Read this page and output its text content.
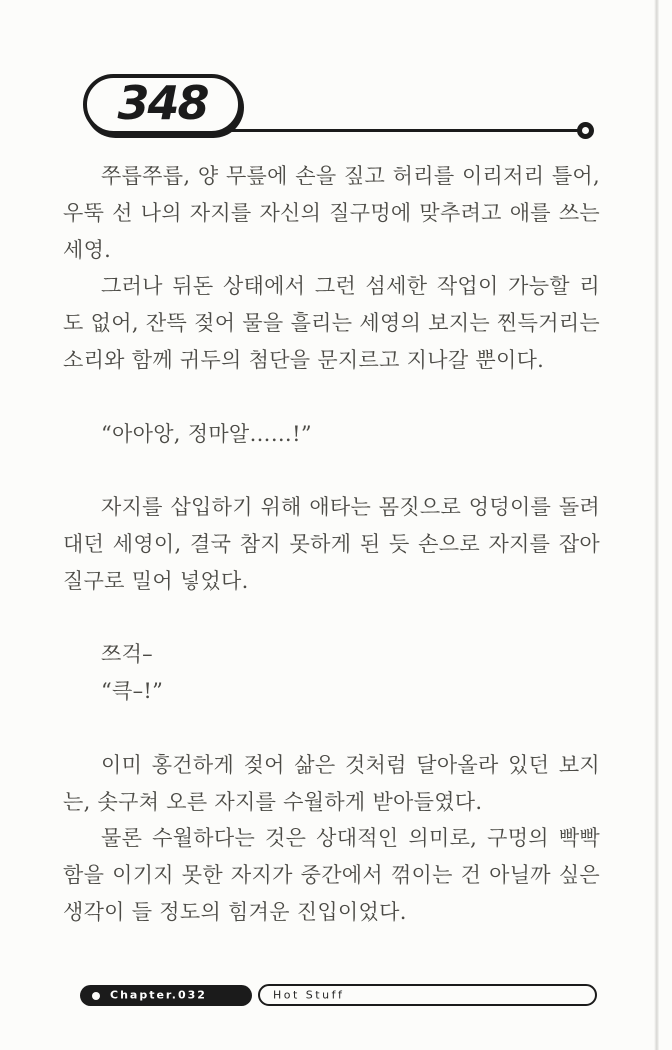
348

쭈릅쭈릅, 양 무릎에 손을 짚고 허리를 이리저리 틀어, 우뚝 선 나의 자지를 자신의 질구멍에 맞추려고 애를 쓰는 세영.

그러나 뒤돈 상태에서 그런 섬세한 작업이 가능할 리도 없어, 잔뜩 젖어 물을 흘리는 세영의 보지는 찐득거리는 소리와 함께 귀두의 첨단을 문지르고 지나갈 뿐이다.

“아아앙, 정마알……!”

자지를 삽입하기 위해 애타는 몸짓으로 엉덩이를 돌려대던 세영이, 결국 참지 못하게 된 듯 손으로 자지를 잡아 질구로 밀어 넣었다.

쯔걱–

“큭–!”

이미 홍건하게 젖어 삶은 것처럼 달아올라 있던 보지는, 솟구쳐 오른 자지를 수월하게 받아들였다.

물론 수월하다는 것은 상대적인 의미로, 구멍의 빡빡함을 이기지 못한 자지가 중간에서 꺾이는 건 아닐까 싶은 생각이 들 정도의 힘겨운 진입이었다.

Chapter.032	Hot Stuff
